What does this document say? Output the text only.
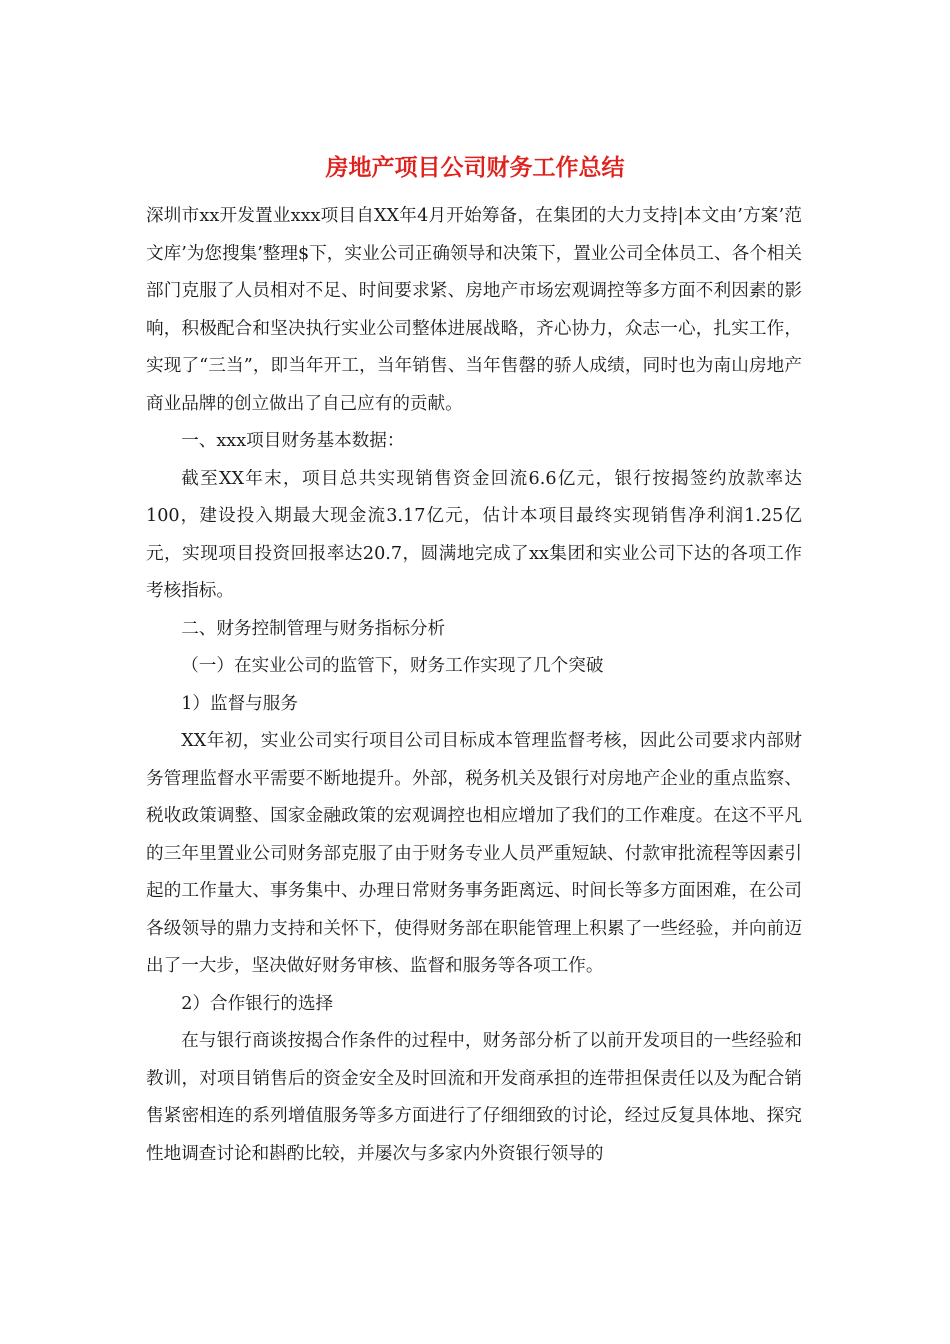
房地产项目公司财务工作总结

深圳市xx开发置业xxx项目自XX年4月开始筹备，在集团的大力支持|本文由’方案’范文库’为您搜集’整理$下，实业公司正确领导和决策下，置业公司全体员工、各个相关部门克服了人员相对不足、时间要求紧、房地产市场宏观调控等多方面不利因素的影响，积极配合和坚决执行实业公司整体进展战略，齐心协力，众志一心，扎实工作，实现了“三当”，即当年开工，当年销售、当年售罄的骄人成绩，同时也为南山房地产商业品牌的创立做出了自己应有的贡献。

一、xxx项目财务基本数据：

截至XX年末，项目总共实现销售资金回流6.6亿元，银行按揭签约放款率达100，建设投入期最大现金流3.17亿元，估计本项目最终实现销售净利润1.25亿元，实现项目投资回报率达20.7，圆满地完成了xx集团和实业公司下达的各项工作考核指标。

二、财务控制管理与财务指标分析

（一）在实业公司的监管下，财务工作实现了几个突破

1）监督与服务

XX年初，实业公司实行项目公司目标成本管理监督考核，因此公司要求内部财务管理监督水平需要不断地提升。外部，税务机关及银行对房地产企业的重点监察、税收政策调整、国家金融政策的宏观调控也相应增加了我们的工作难度。在这不平凡的三年里置业公司财务部克服了由于财务专业人员严重短缺、付款审批流程等因素引起的工作量大、事务集中、办理日常财务事务距离远、时间长等多方面困难，在公司各级领导的鼎力支持和关怀下，使得财务部在职能管理上积累了一些经验，并向前迈出了一大步，坚决做好财务审核、监督和服务等各项工作。

2）合作银行的选择

在与银行商谈按揭合作条件的过程中，财务部分析了以前开发项目的一些经验和教训，对项目销售后的资金安全及时回流和开发商承担的连带担保责任以及为配合销售紧密相连的系列增值服务等多方面进行了仔细细致的讨论，经过反复具体地、探究性地调查讨论和斟酌比较，并屡次与多家内外资银行领导的
